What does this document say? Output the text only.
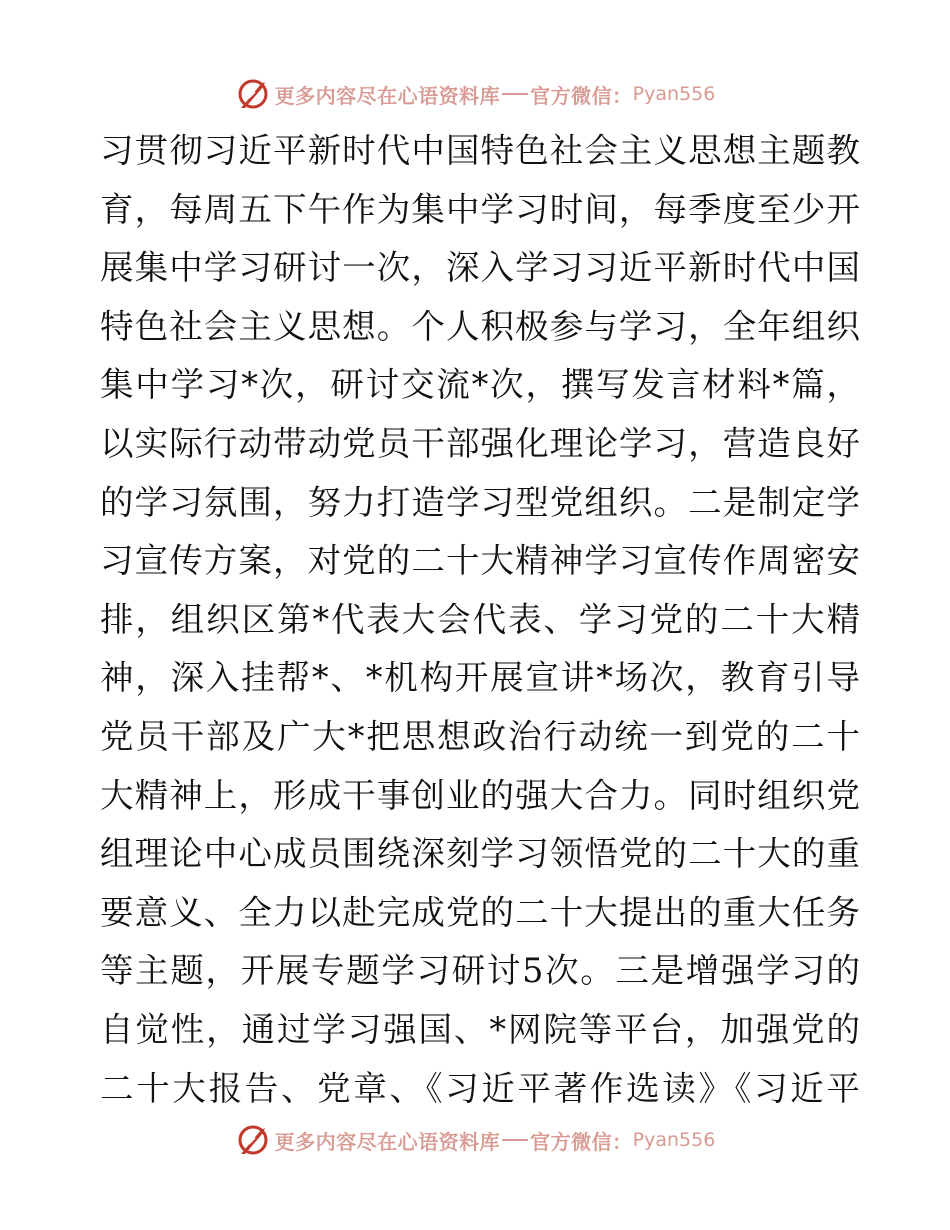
更多内容尽在心语资料库 官方微信： Pyan556
习贯彻习近平新时代中国特色社会主义思想主题教
育，每周五下午作为集中学习时间，每季度至少开
展集中学习研讨一次，深入学习习近平新时代中国
特色社会主义思想。个人积极参与学习，全年组织
集中学习*次，研讨交流*次，撰写发言材料*篇，
以实际行动带动党员干部强化理论学习，营造良好
的学习氛围，努力打造学习型党组织。二是制定学
习宣传方案，对党的二十大精神学习宣传作周密安
排，组织区第*代表大会代表、学习党的二十大精
神，深入挂帮*、*机构开展宣讲*场次，教育引导
党员干部及广大*把思想政治行动统一到党的二十
大精神上，形成干事创业的强大合力。同时组织党
组理论中心成员围绕深刻学习领悟党的二十大的重
要意义、全力以赴完成党的二十大提出的重大任务
等主题，开展专题学习研讨5次。三是增强学习的
自觉性，通过学习强国、*网院等平台，加强党的
二十大报告、党章、《习近平著作选读》《习近平
更多内容尽在心语资料库 官方微信： Pyan556
